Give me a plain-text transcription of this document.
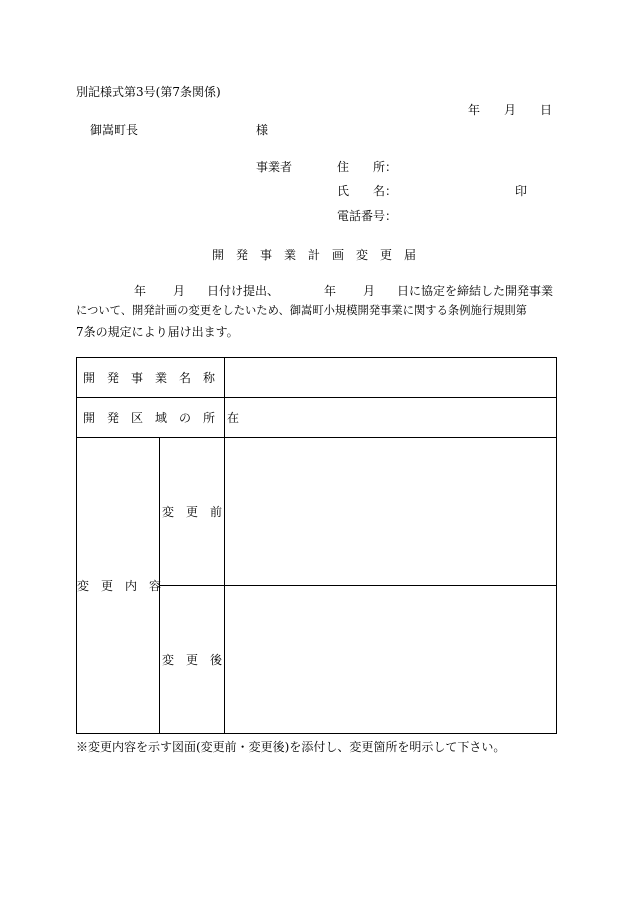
別記様式第3号(第7条関係)
年 月 日
御嵩町長	様
事業者	住　　所：
氏　　名：	印
電話番号：
開　発　事　業　計　画　変　更　届
年 月 日付け提出、	年 月 日に協定を締結した開発事業
について、開発計画の変更をしたいため、御嵩町小規模開発事業に関する条例施行規則第
7条の規定により届け出ます。
開　発　事　業　名　称		
開　発　区　域　の　所　在		
変　更　内　容	変　更　前	
	変　更　後	
※変更内容を示す図面(変更前・変更後)を添付し、変更箇所を明示して下さい。
